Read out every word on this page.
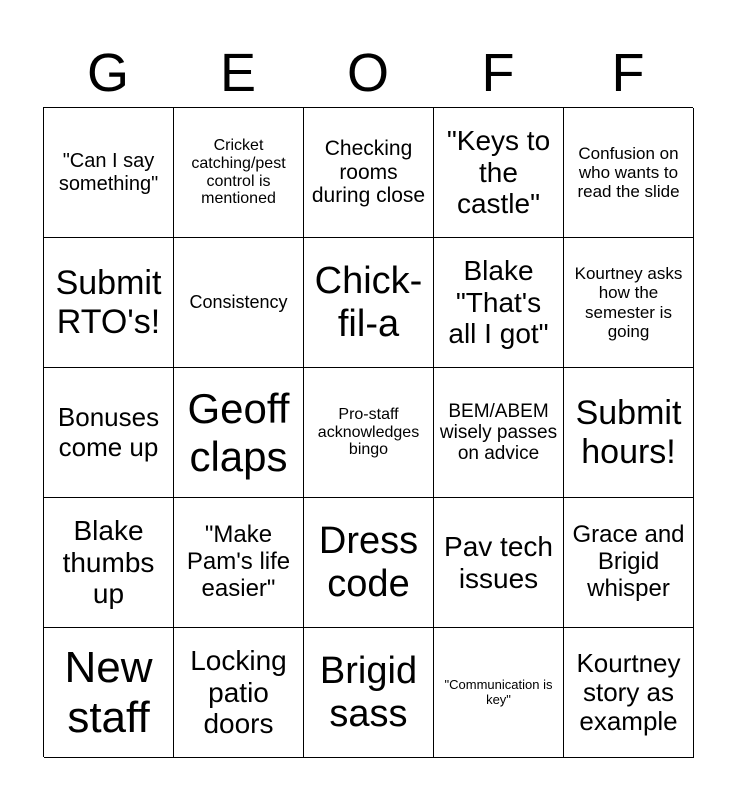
G	E	O	F	F
"Can I say something"
Cricket catching/pest control is mentioned
Checking rooms during close
"Keys to the castle"
Confusion on who wants to read the slide
Submit RTO's!
Consistency
Chick-fil-a
Blake "That's all I got"
Kourtney asks how the semester is going
Bonuses come up
Geoff claps
Pro-staff acknowledges bingo
BEM/ABEM wisely passes on advice
Submit hours!
Blake thumbs up
"Make Pam's life easier"
Dress code
Pav tech issues
Grace and Brigid whisper
New staff
Locking patio doors
Brigid sass
"Communication is key"
Kourtney story as example
